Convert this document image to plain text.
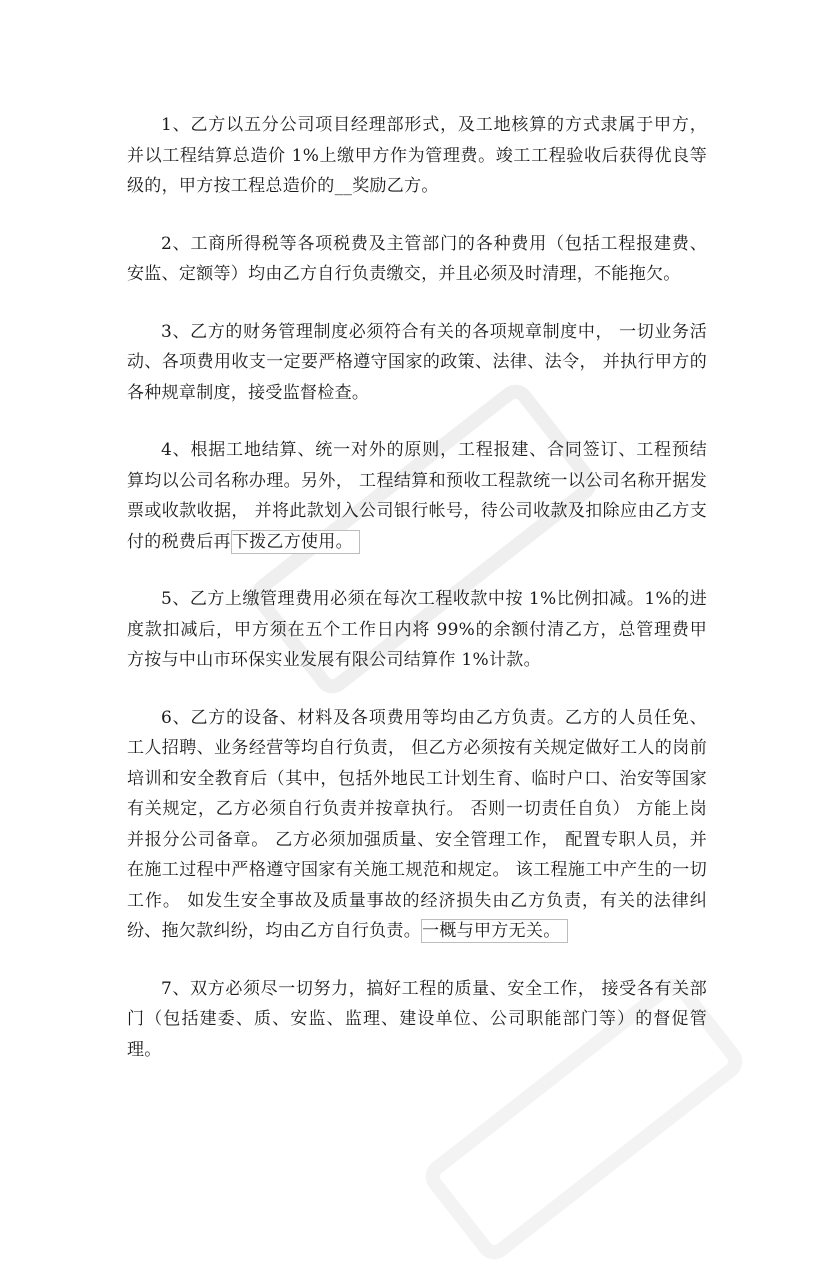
1、乙方以五分公司项目经理部形式，及工地核算的方式隶属于甲方，并以工程结算总造价 1%上缴甲方作为管理费。竣工工程验收后获得优良等级的，甲方按工程总造价的__奖励乙方。

2、工商所得税等各项税费及主管部门的各种费用（包括工程报建费、安监、定额等）均由乙方自行负责缴交，并且必须及时清理，不能拖欠。

3、乙方的财务管理制度必须符合有关的各项规章制度中， 一切业务活动、各项费用收支一定要严格遵守国家的政策、法律、法令， 并执行甲方的各种规章制度，接受监督检查。

4、根据工地结算、统一对外的原则，工程报建、合同签订、工程预结算均以公司名称办理。另外， 工程结算和预收工程款统一以公司名称开据发票或收款收据， 并将此款划入公司银行帐号，待公司收款及扣除应由乙方支付的税费后再下拨乙方使用。

5、乙方上缴管理费用必须在每次工程收款中按 1%比例扣减。1%的进度款扣减后，甲方须在五个工作日内将 99%的余额付清乙方，总管理费甲方按与中山市环保实业发展有限公司结算作 1%计款。

6、乙方的设备、材料及各项费用等均由乙方负责。乙方的人员任免、工人招聘、业务经营等均自行负责， 但乙方必须按有关规定做好工人的岗前培训和安全教育后（其中，包括外地民工计划生育、临时户口、治安等国家有关规定，乙方必须自行负责并按章执行。 否则一切责任自负） 方能上岗并报分公司备章。 乙方必须加强质量、安全管理工作， 配置专职人员，并在施工过程中严格遵守国家有关施工规范和规定。 该工程施工中产生的一切工作。 如发生安全事故及质量事故的经济损失由乙方负责，有关的法律纠纷、拖欠款纠纷，均由乙方自行负责。一概与甲方无关。

7、双方必须尽一切努力，搞好工程的质量、安全工作， 接受各有关部门（包括建委、质、安监、监理、建设单位、公司职能部门等）的督促管理。
